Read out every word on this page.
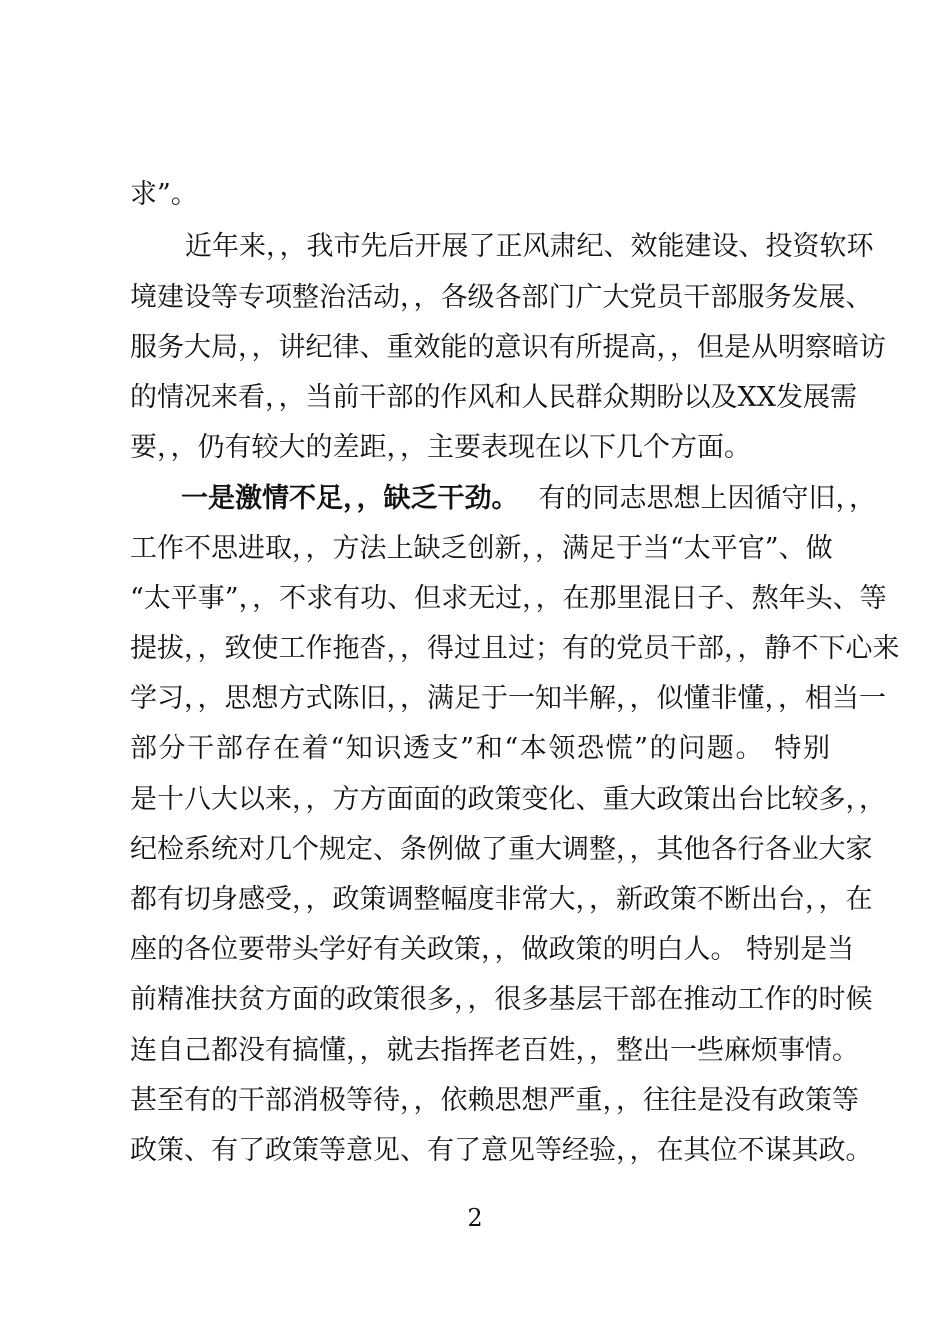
求”。
近年来，，我市先后开展了正风肃纪、效能建设、投资软环
境建设等专项整治活动，，各级各部门广大党员干部服务发展、
服务大局，，讲纪律、重效能的意识有所提高，，但是从明察暗访
的情况来看，，当前干部的作风和人民群众期盼以及XX发展需
要，，仍有较大的差距，，主要表现在以下几个方面。
一是激情不足，，缺乏干劲。 有的同志思想上因循守旧，，
工作不思进取，，方法上缺乏创新，，满足于当“太平官”、做
“太平事”，，不求有功、但求无过，，在那里混日子、熬年头、等
提拔，，致使工作拖沓，，得过且过；有的党员干部，，静不下心来
学习，，思想方式陈旧，，满足于一知半解，，似懂非懂，，相当一
部分干部存在着“知识透支”和“本领恐慌”的问题。 特别
是十八大以来，，方方面面的政策变化、重大政策出台比较多，，
纪检系统对几个规定、条例做了重大调整，，其他各行各业大家
都有切身感受，，政策调整幅度非常大，，新政策不断出台，，在
座的各位要带头学好有关政策，，做政策的明白人。 特别是当
前精准扶贫方面的政策很多，，很多基层干部在推动工作的时候
连自己都没有搞懂，，就去指挥老百姓，，整出一些麻烦事情。
甚至有的干部消极等待，，依赖思想严重，，往往是没有政策等
政策、有了政策等意见、有了意见等经验，，在其位不谋其政。
2
